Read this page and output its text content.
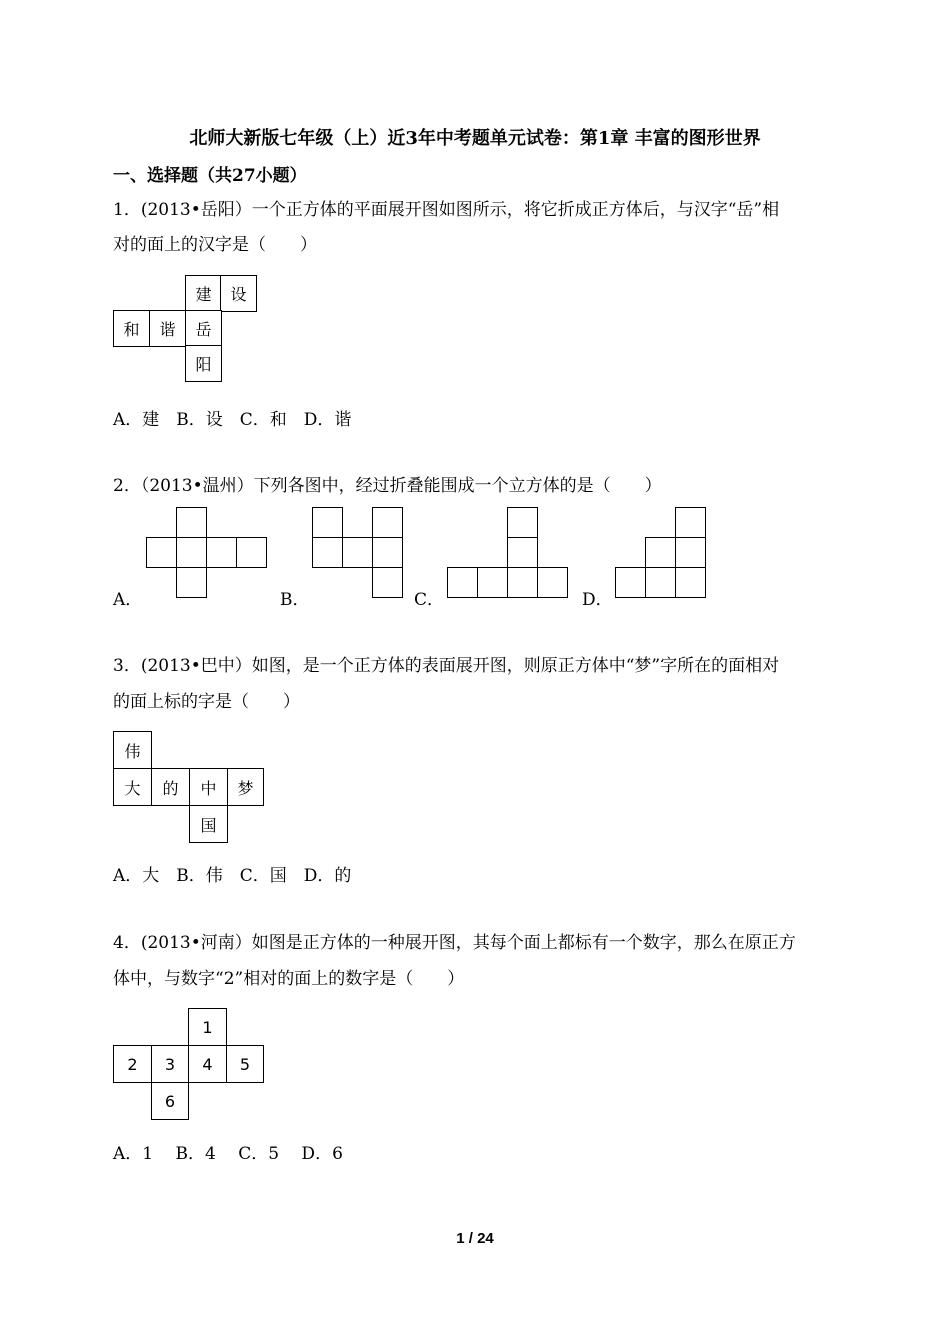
北师大新版七年级（上）近3年中考题单元试卷：第1章 丰富的图形世界
一、选择题（共27小题）
1．(2013•岳阳）一个正方体的平面展开图如图所示，将它折成正方体后，与汉字“岳”相
对的面上的汉字是（　　）
建	设
和	谐	岳
阳
A．建　B．设　C．和　D．谐
2．（2013•温州）下列各图中，经过折叠能围成一个立方体的是（　　）
A．	B．	C．	D．
3．(2013•巴中）如图，是一个正方体的表面展开图，则原正方体中“梦”字所在的面相对
的面上标的字是（　　）
伟
大	的	中	梦
国
A．大　B．伟　C．国　D．的
4．(2013•河南）如图是正方体的一种展开图，其每个面上都标有一个数字，那么在原正方
体中，与数字“2”相对的面上的数字是（　　）
1
2	3	4	5
6
A．1　 B．4　 C．5　 D．6
1 / 24
